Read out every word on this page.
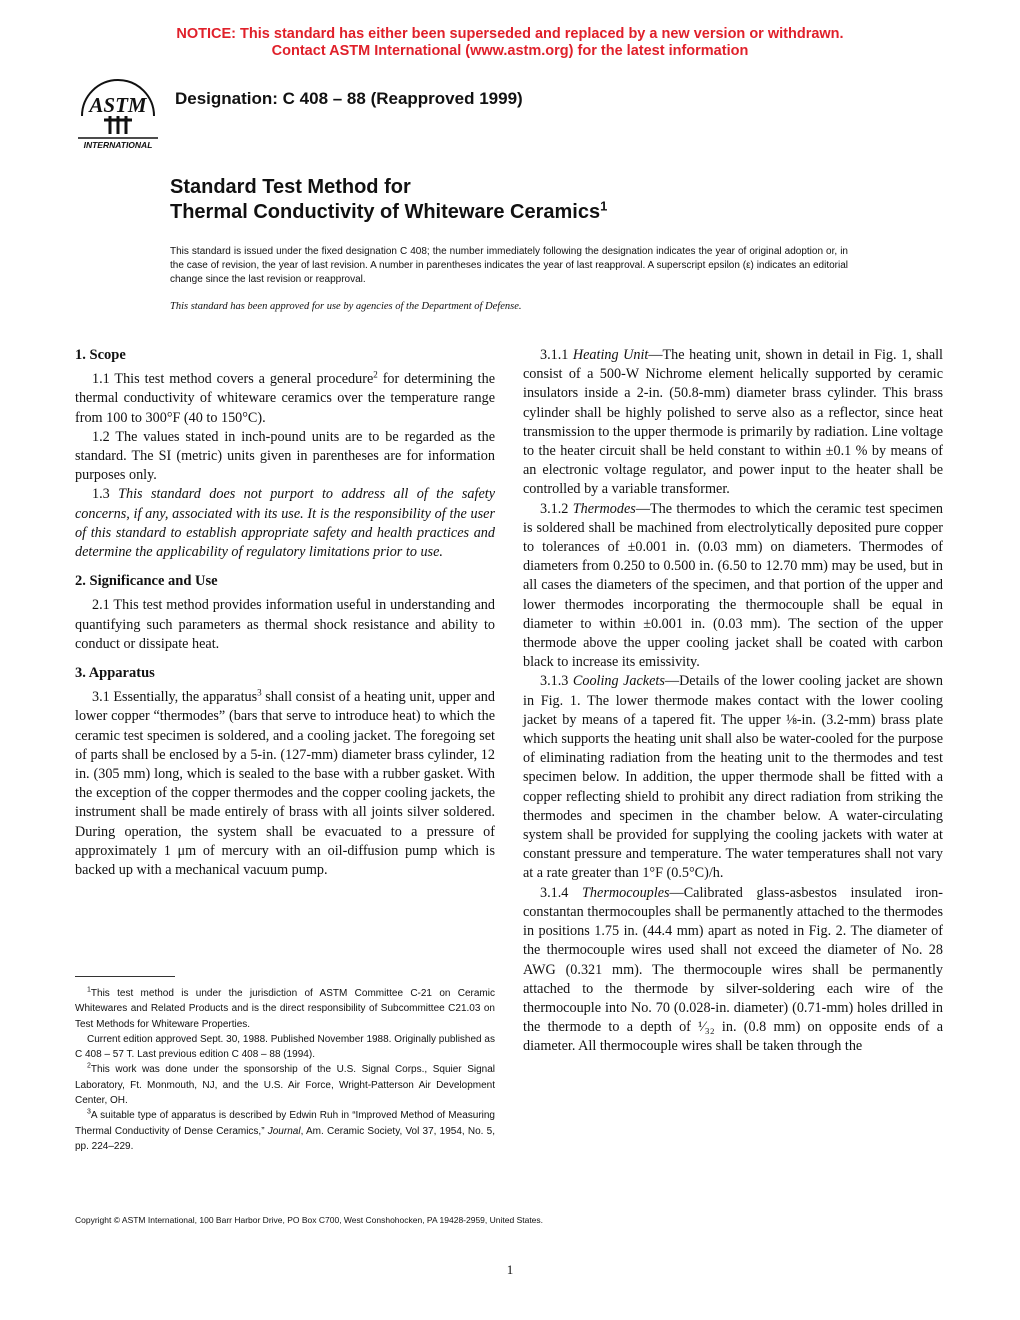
NOTICE: This standard has either been superseded and replaced by a new version or withdrawn.
Contact ASTM International (www.astm.org) for the latest information
ASTM
INTERNATIONAL
Designation: C 408 – 88 (Reapproved 1999)
Standard Test Method for
Thermal Conductivity of Whiteware Ceramics$^1$
This standard is issued under the fixed designation C 408; the number immediately following the designation indicates the year of original adoption or, in the case of revision, the year of last revision. A number in parentheses indicates the year of last reapproval. A superscript epsilon (ε) indicates an editorial change since the last revision or reapproval.
This standard has been approved for use by agencies of the Department of Defense.
1. Scope

1.1 This test method covers a general procedure$^2$ for determining the thermal conductivity of whiteware ceramics over the temperature range from 100 to 300°F (40 to 150°C).

1.2 The values stated in inch-pound units are to be regarded as the standard. The SI (metric) units given in parentheses are for information purposes only.

1.3 This standard does not purport to address all of the safety concerns, if any, associated with its use. It is the responsibility of the user of this standard to establish appropriate safety and health practices and determine the applicability of regulatory limitations prior to use.

2. Significance and Use

2.1 This test method provides information useful in understanding and quantifying such parameters as thermal shock resistance and ability to conduct or dissipate heat.

3. Apparatus

3.1 Essentially, the apparatus$^3$ shall consist of a heating unit, upper and lower copper “thermodes” (bars that serve to introduce heat) to which the ceramic test specimen is soldered, and a cooling jacket. The foregoing set of parts shall be enclosed by a 5-in. (127-mm) diameter brass cylinder, 12 in. (305 mm) long, which is sealed to the base with a rubber gasket. With the exception of the copper thermodes and the copper cooling jackets, the instrument shall be made entirely of brass with all joints silver soldered. During operation, the system shall be evacuated to a pressure of approximately 1 μm of mercury with an oil-diffusion pump which is backed up with a mechanical vacuum pump.

3.1.1 Heating Unit—The heating unit, shown in detail in Fig. 1, shall consist of a 500-W Nichrome element helically supported by ceramic insulators inside a 2-in. (50.8-mm) diameter brass cylinder. This brass cylinder shall be highly polished to serve also as a reflector, since heat transmission to the upper thermode is primarily by radiation. Line voltage to the heater circuit shall be held constant to within ±0.1 % by means of an electronic voltage regulator, and power input to the heater shall be controlled by a variable transformer.

3.1.2 Thermodes—The thermodes to which the ceramic test specimen is soldered shall be machined from electrolytically deposited pure copper to tolerances of ±0.001 in. (0.03 mm) on diameters. Thermodes of diameters from 0.250 to 0.500 in. (6.50 to 12.70 mm) may be used, but in all cases the diameters of the specimen, and that portion of the upper and lower thermodes incorporating the thermocouple shall be equal in diameter to within ±0.001 in. (0.03 mm). The section of the upper thermode above the upper cooling jacket shall be coated with carbon black to increase its emissivity.

3.1.3 Cooling Jackets—Details of the lower cooling jacket are shown in Fig. 1. The lower thermode makes contact with the lower cooling jacket by means of a tapered fit. The upper ⅛-in. (3.2-mm) brass plate which supports the heating unit shall also be water-cooled for the purpose of eliminating radiation from the heating unit to the thermodes and test specimen below. In addition, the upper thermode shall be fitted with a copper reflecting shield to prohibit any direct radiation from striking the thermodes and specimen in the chamber below. A water-circulating system shall be provided for supplying the cooling jackets with water at constant pressure and temperature. The water temperatures shall not vary at a rate greater than 1°F (0.5°C)/h.

3.1.4 Thermocouples—Calibrated glass-asbestos insulated iron-constantan thermocouples shall be permanently attached to the thermodes in positions 1.75 in. (44.4 mm) apart as noted in Fig. 2. The diameter of the thermocouple wires used shall not exceed the diameter of No. 28 AWG (0.321 mm). The thermocouple wires shall be permanently attached to the thermode by silver-soldering each wire of the thermocouple into No. 70 (0.028-in. diameter) (0.71-mm) holes drilled in the thermode to a depth of ¹⁄₃₂ in. (0.8 mm) on opposite ends of a diameter. All thermocouple wires shall be taken through the

$^1$This test method is under the jurisdiction of ASTM Committee C-21 on Ceramic Whitewares and Related Products and is the direct responsibility of Subcommittee C21.03 on Test Methods for Whiteware Properties.

Current edition approved Sept. 30, 1988. Published November 1988. Originally published as C 408 – 57 T. Last previous edition C 408 – 88 (1994).

$^2$This work was done under the sponsorship of the U.S. Signal Corps., Squier Signal Laboratory, Ft. Monmouth, NJ, and the U.S. Air Force, Wright-Patterson Air Development Center, OH.

$^3$A suitable type of apparatus is described by Edwin Ruh in “Improved Method of Measuring Thermal Conductivity of Dense Ceramics,” Journal, Am. Ceramic Society, Vol 37, 1954, No. 5, pp. 224–229.

Copyright © ASTM International, 100 Barr Harbor Drive, PO Box C700, West Conshohocken, PA 19428-2959, United States.
1
